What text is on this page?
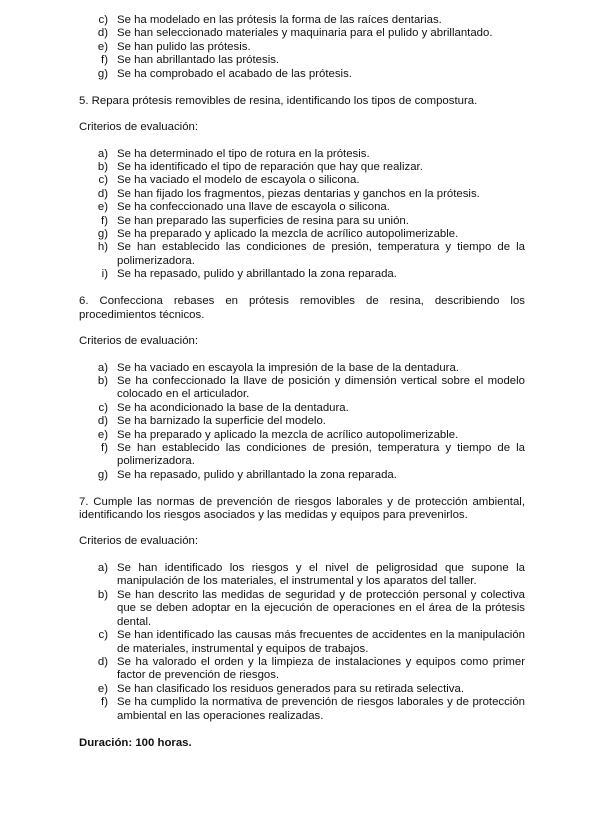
c) Se ha modelado en las prótesis la forma de las raíces dentarias.
d) Se han seleccionado materiales y maquinaria para el pulido y abrillantado.
e) Se han pulido las prótesis.
f) Se han abrillantado las prótesis.
g) Se ha comprobado el acabado de las prótesis.

5. Repara prótesis removibles de resina, identificando los tipos de compostura.

Criterios de evaluación:

a) Se ha determinado el tipo de rotura en la prótesis.
b) Se ha identificado el tipo de reparación que hay que realizar.
c) Se ha vaciado el modelo de escayola o silicona.
d) Se han fijado los fragmentos, piezas dentarias y ganchos en la prótesis.
e) Se ha confeccionado una llave de escayola o silicona.
f) Se han preparado las superficies de resina para su unión.
g) Se ha preparado y aplicado la mezcla de acrílico autopolimerizable.
h) Se han establecido las condiciones de presión, temperatura y tiempo de la polimerizadora.
i) Se ha repasado, pulido y abrillantado la zona reparada.

6. Confecciona rebases en prótesis removibles de resina, describiendo los procedimientos técnicos.

Criterios de evaluación:

a) Se ha vaciado en escayola la impresión de la base de la dentadura.
b) Se ha confeccionado la llave de posición y dimensión vertical sobre el modelo colocado en el articulador.
c) Se ha acondicionado la base de la dentadura.
d) Se ha barnizado la superficie del modelo.
e) Se ha preparado y aplicado la mezcla de acrílico autopolimerizable.
f) Se han establecido las condiciones de presión, temperatura y tiempo de la polimerizadora.
g) Se ha repasado, pulido y abrillantado la zona reparada.

7. Cumple las normas de prevención de riesgos laborales y de protección ambiental, identificando los riesgos asociados y las medidas y equipos para prevenirlos.

Criterios de evaluación:

a) Se han identificado los riesgos y el nivel de peligrosidad que supone la manipulación de los materiales, el instrumental y los aparatos del taller.
b) Se han descrito las medidas de seguridad y de protección personal y colectiva que se deben adoptar en la ejecución de operaciones en el área de la prótesis dental.
c) Se han identificado las causas más frecuentes de accidentes en la manipulación de materiales, instrumental y equipos de trabajos.
d) Se ha valorado el orden y la limpieza de instalaciones y equipos como primer factor de prevención de riesgos.
e) Se han clasificado los residuos generados para su retirada selectiva.
f) Se ha cumplido la normativa de prevención de riesgos laborales y de protección ambiental en las operaciones realizadas.

Duración: 100 horas.
